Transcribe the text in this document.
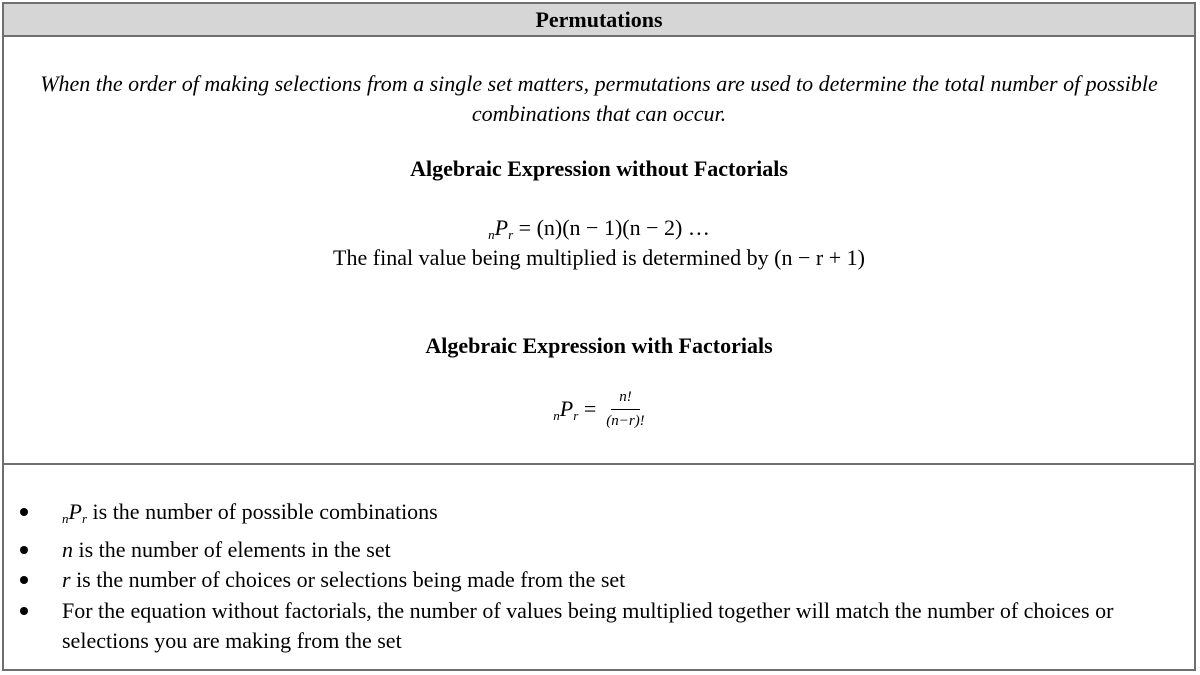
Permutations
When the order of making selections from a single set matters, permutations are used to determine the total number of possible combinations that can occur.
Algebraic Expression without Factorials
$_nP_r = (n)(n - 1)(n - 2)$ …
The final value being multiplied is determined by (n − r + 1)
Algebraic Expression with Factorials
$_nP_r = \frac{n!}{(n-r)!}$
$_nP_r$ is the number of possible combinations
n is the number of elements in the set
r is the number of choices or selections being made from the set
For the equation without factorials, the number of values being multiplied together will match the number of choices or selections you are making from the set
